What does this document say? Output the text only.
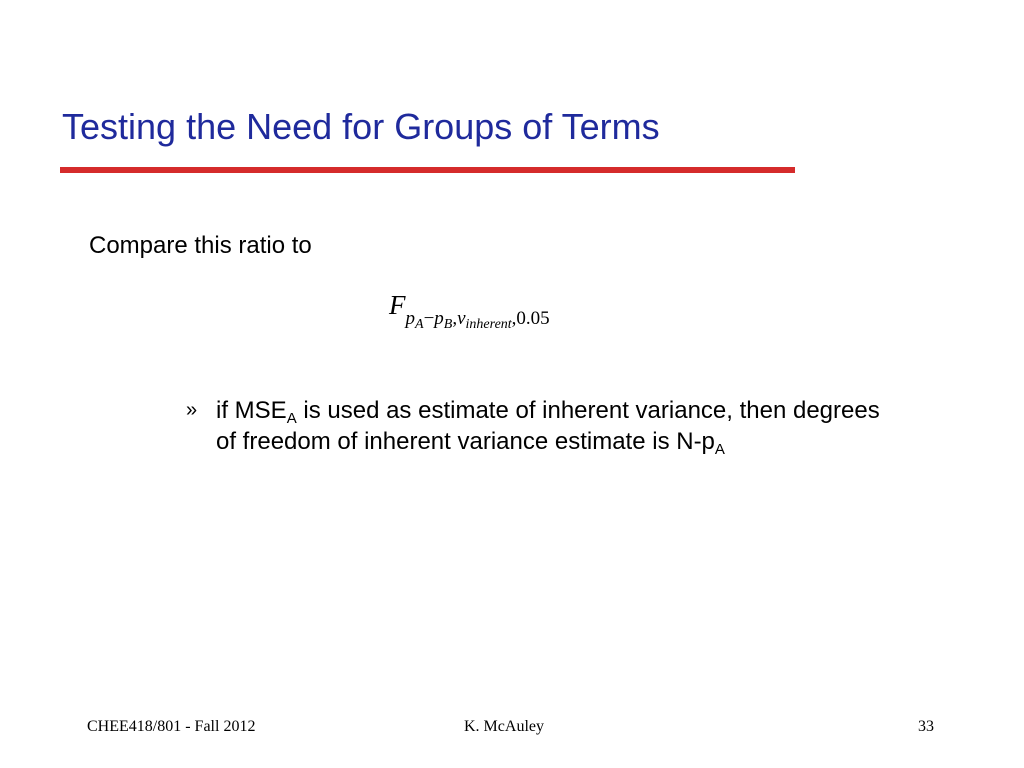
Testing the Need for Groups of Terms
Compare this ratio to
$Fp_A-p_B,\nu_{inherent},0.05$
» if $MSE_A$ is used as estimate of inherent variance, then degrees of freedom of inherent variance estimate is $N-p_A$
CHEE418/801 - Fall 2012	K. McAuley	33
